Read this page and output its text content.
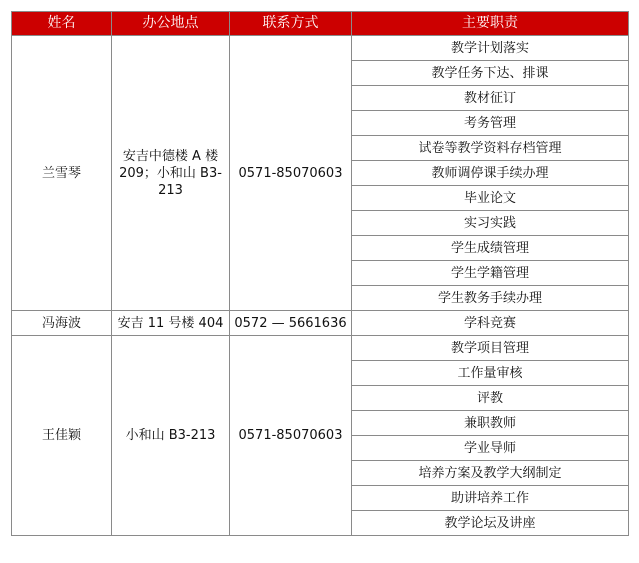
姓名	办公地点	联系方式	主要职责
兰雪琴	安吉中德楼 A 楼 209；小和山 B3-213	0571-85070603	教学计划落实
			教学任务下达、排课
			教材征订
			考务管理
			试卷等教学资料存档管理
			教师调停课手续办理
			毕业论文
			实习实践
			学生成绩管理
			学生学籍管理
			学生教务手续办理
冯海波	安吉 11 号楼 404	0572 — 5661636	学科竞赛
王佳颖	小和山 B3-213	0571-85070603	教学项目管理
			工作量审核
			评教
			兼职教师
			学业导师
			培养方案及教学大纲制定
			助讲培养工作
			教学论坛及讲座
